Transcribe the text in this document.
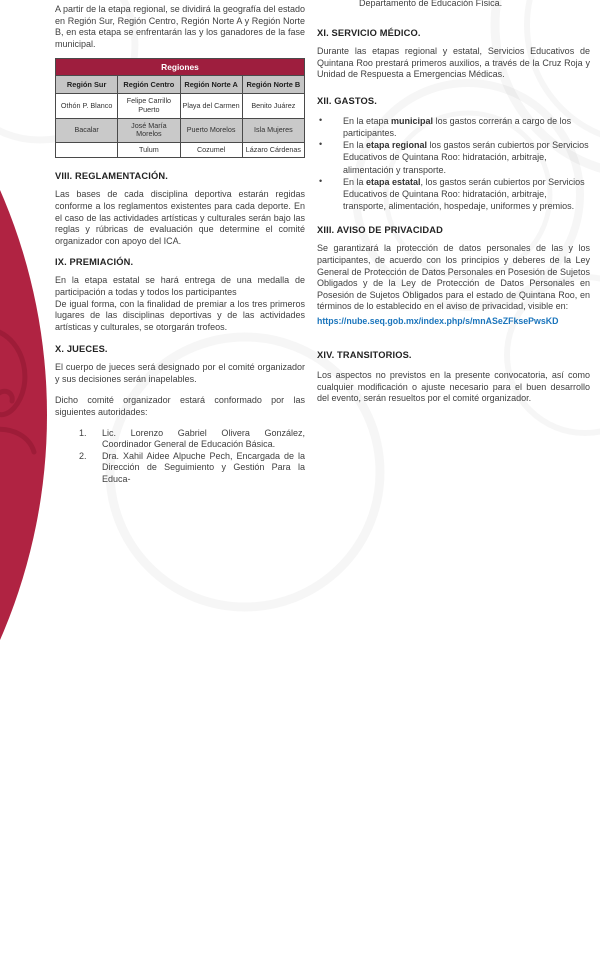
A partir de la etapa regional, se dividirá la geografía del estado en Región Sur, Región Centro, Región Norte A y Región Norte B, en esta etapa se enfrentarán las y los ganadores de la fase municipal.

Regiones			
Región Sur	Región Centro	Región Norte A	Región Norte B
Othón P. Blanco	Felipe Carrillo Puerto	Playa del Carmen	Benito Juárez
Bacalar	José María Morelos	Puerto Morelos	Isla Mujeres
	Tulum	Cozumel	Lázaro Cárdenas
VIII. REGLAMENTACIÓN.

Las bases de cada disciplina deportiva estarán regidas conforme a los reglamentos existentes para cada deporte. En el caso de las actividades artísticas y culturales serán bajo las reglas y rúbricas de evaluación que determine el comité organizador con apoyo del ICA.

IX. PREMIACIÓN.

En la etapa estatal se hará entrega de una medalla de participación a todas y todos los participantes

De igual forma, con la finalidad de premiar a los tres primeros lugares de las disciplinas deportivas y de las actividades artísticas y culturales, se otorgarán trofeos.

X. JUECES.

El cuerpo de jueces será designado por el comité organizador y sus decisiones serán inapelables.

Dicho comité organizador estará conformado por las siguientes autoridades:

1. Lic. Lorenzo Gabriel Olivera González, Coordinador General de Educación Básica.
2. Dra. Xahil Aidee Alpuche Pech, Encargada de la Dirección de Seguimiento y Gestión Para la Educa-

Departamento de Educación Física.

XI. SERVICIO MÉDICO.

Durante las etapas regional y estatal, Servicios Educativos de Quintana Roo prestará primeros auxilios, a través de la Cruz Roja y Unidad de Respuesta a Emergencias Médicas.

XII. GASTOS.
• En la etapa municipal los gastos correrán a cargo de los participantes.
• En la etapa regional los gastos serán cubiertos por Servicios Educativos de Quintana Roo: hidratación, arbitraje, alimentación y transporte.
• En la etapa estatal, los gastos serán cubiertos por Servicios Educativos de Quintana Roo: hidratación, arbitraje, transporte, alimentación, hospedaje, uniformes y premios.
XIII. AVISO DE PRIVACIDAD

Se garantizará la protección de datos personales de las y los participantes, de acuerdo con los principios y deberes de la Ley General de Protección de Datos Personales en Posesión de Sujetos Obligados y de la Ley de Protección de Datos Personales en Posesión de Sujetos Obligados para el estado de Quintana Roo, en términos de lo establecido en el aviso de privacidad, visible en:

https://nube.seq.gob.mx/index.php/s/mnASeZFksePwsKD
XIV. TRANSITORIOS.

Los aspectos no previstos en la presente convocatoria, así como cualquier modificación o ajuste necesario para el buen desarrollo del evento, serán resueltos por el comité organizador.
